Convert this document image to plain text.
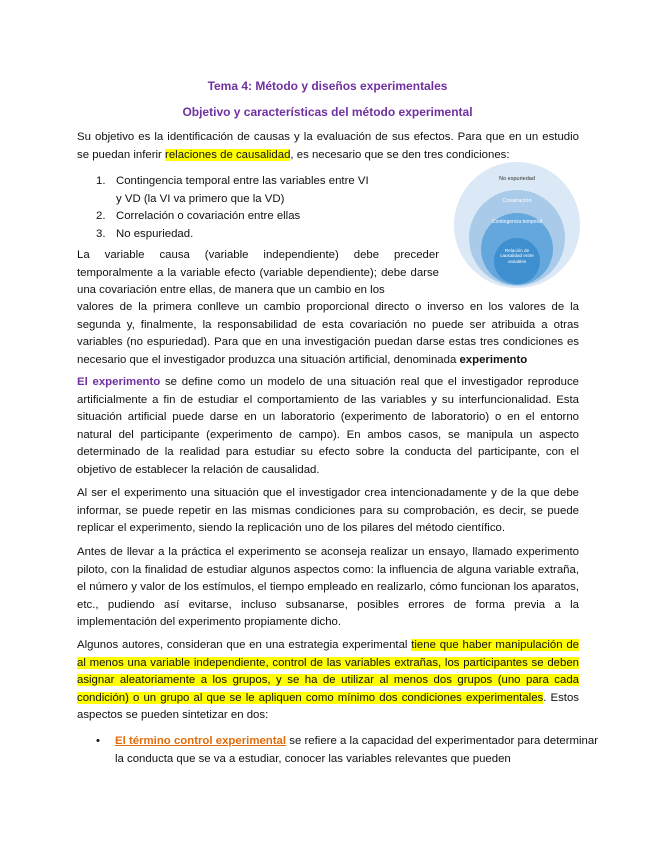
Tema 4: Método y diseños experimentales
Objetivo y características del método experimental

Su objetivo es la identificación de causas y la evaluación de sus efectos. Para que en un estudio se puedan inferir relaciones de causalidad, es necesario que se den tres condiciones:

1. Contingencia temporal entre las variables entre VI y VD (la VI va primero que la VD)
2. Correlación o covariación entre ellas
3. No espuriedad.
No espuriedad
Covariación
Contingencia temporal
Relación de causalidad entre variables

La variable causa (variable independiente) debe preceder temporalmente a la variable efecto (variable dependiente); debe darse una covariación entre ellas, de manera que un cambio en los

valores de la primera conlleve un cambio proporcional directo o inverso en los valores de la segunda y, finalmente, la responsabilidad de esta covariación no puede ser atribuida a otras variables (no espuriedad). Para que en una investigación puedan darse estas tres condiciones es necesario que el investigador produzca una situación artificial, denominada experimento

El experimento se define como un modelo de una situación real que el investigador reproduce artificialmente a fin de estudiar el comportamiento de las variables y su interfuncionalidad. Esta situación artificial puede darse en un laboratorio (experimento de laboratorio) o en el entorno natural del participante (experimento de campo). En ambos casos, se manipula un aspecto determinado de la realidad para estudiar su efecto sobre la conducta del participante, con el objetivo de establecer la relación de causalidad.

Al ser el experimento una situación que el investigador crea intencionadamente y de la que debe informar, se puede repetir en las mismas condiciones para su comprobación, es decir, se puede replicar el experimento, siendo la replicación uno de los pilares del método científico.

Antes de llevar a la práctica el experimento se aconseja realizar un ensayo, llamado experimento piloto, con la finalidad de estudiar algunos aspectos como: la influencia de alguna variable extraña, el número y valor de los estímulos, el tiempo empleado en realizarlo, cómo funcionan los aparatos, etc., pudiendo así evitarse, incluso subsanarse, posibles errores de forma previa a la implementación del experimento propiamente dicho.

Algunos autores, consideran que en una estrategia experimental tiene que haber manipulación de al menos una variable independiente, control de las variables extrañas, los participantes se deben asignar aleatoriamente a los grupos, y se ha de utilizar al menos dos grupos (uno para cada condición) o un grupo al que se le apliquen como mínimo dos condiciones experimentales. Estos aspectos se pueden sintetizar en dos:

• El término control experimental se refiere a la capacidad del experimentador para determinar la conducta que se va a estudiar, conocer las variables relevantes que pueden
